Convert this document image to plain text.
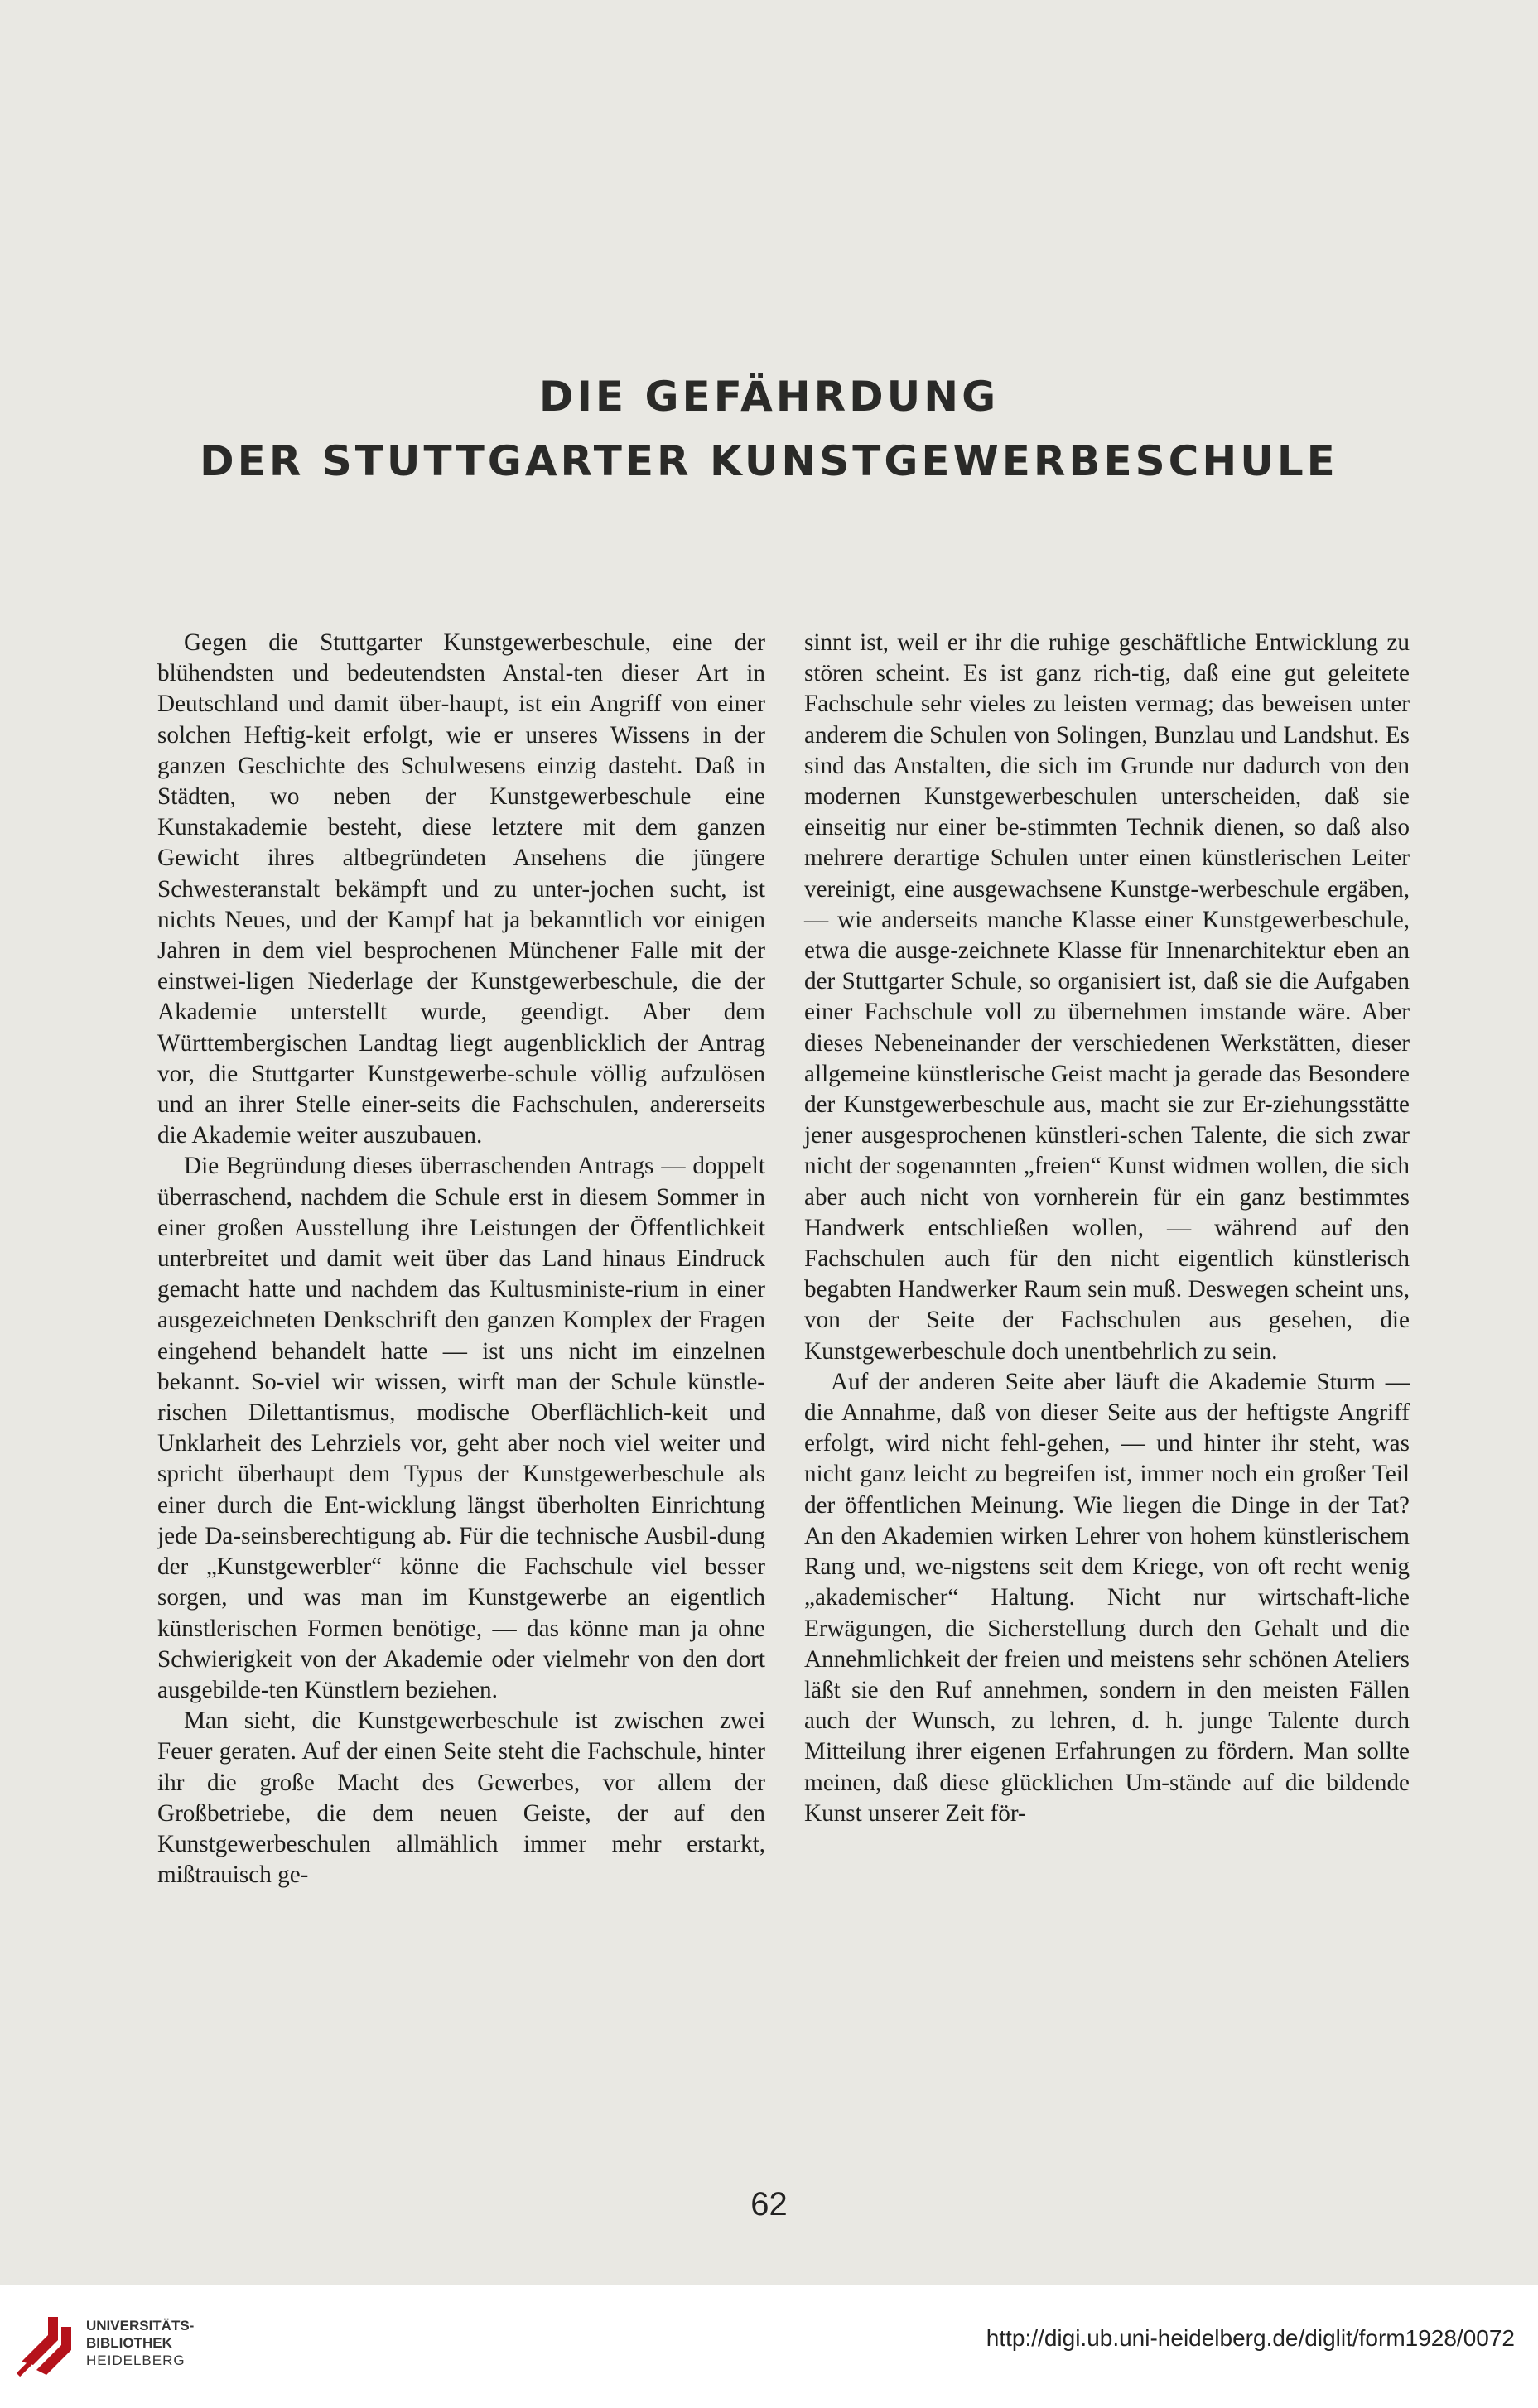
DIE GEFÄHRDUNG
DER STUTTGARTER KUNSTGEWERBESCHULE

Gegen die Stuttgarter Kunstgewerbeschule, eine der blühendsten und bedeutendsten Anstal-ten dieser Art in Deutschland und damit über-haupt, ist ein Angriff von einer solchen Heftig-keit erfolgt, wie er unseres Wissens in der ganzen Geschichte des Schulwesens einzig dasteht. Daß in Städten, wo neben der Kunstgewerbeschule eine Kunstakademie besteht, diese letztere mit dem ganzen Gewicht ihres altbegründeten Ansehens die jüngere Schwesteranstalt bekämpft und zu unter-jochen sucht, ist nichts Neues, und der Kampf hat ja bekanntlich vor einigen Jahren in dem viel besprochenen Münchener Falle mit der einstwei-ligen Niederlage der Kunstgewerbeschule, die der Akademie unterstellt wurde, geendigt. Aber dem Württembergischen Landtag liegt augenblicklich der Antrag vor, die Stuttgarter Kunstgewerbe-schule völlig aufzulösen und an ihrer Stelle einer-seits die Fachschulen, andererseits die Akademie weiter auszubauen.

Die Begründung dieses überraschenden Antrags — doppelt überraschend, nachdem die Schule erst in diesem Sommer in einer großen Ausstellung ihre Leistungen der Öffentlichkeit unterbreitet und damit weit über das Land hinaus Eindruck gemacht hatte und nachdem das Kultusministe-rium in einer ausgezeichneten Denkschrift den ganzen Komplex der Fragen eingehend behandelt hatte — ist uns nicht im einzelnen bekannt. So-viel wir wissen, wirft man der Schule künstle-rischen Dilettantismus, modische Oberflächlich-keit und Unklarheit des Lehrziels vor, geht aber noch viel weiter und spricht überhaupt dem Typus der Kunstgewerbeschule als einer durch die Ent-wicklung längst überholten Einrichtung jede Da-seinsberechtigung ab. Für die technische Ausbil-dung der „Kunstgewerbler“ könne die Fachschule viel besser sorgen, und was man im Kunstgewerbe an eigentlich künstlerischen Formen benötige, — das könne man ja ohne Schwierigkeit von der Akademie oder vielmehr von den dort ausgebilde-ten Künstlern beziehen.

Man sieht, die Kunstgewerbeschule ist zwischen zwei Feuer geraten. Auf der einen Seite steht die Fachschule, hinter ihr die große Macht des Gewerbes, vor allem der Großbetriebe, die dem neuen Geiste, der auf den Kunstgewerbeschulen allmählich immer mehr erstarkt, mißtrauisch ge-

sinnt ist, weil er ihr die ruhige geschäftliche Entwicklung zu stören scheint. Es ist ganz rich-tig, daß eine gut geleitete Fachschule sehr vieles zu leisten vermag; das beweisen unter anderem die Schulen von Solingen, Bunzlau und Landshut. Es sind das Anstalten, die sich im Grunde nur dadurch von den modernen Kunstgewerbeschulen unterscheiden, daß sie einseitig nur einer be-stimmten Technik dienen, so daß also mehrere derartige Schulen unter einen künstlerischen Leiter vereinigt, eine ausgewachsene Kunstge-werbeschule ergäben, — wie anderseits manche Klasse einer Kunstgewerbeschule, etwa die ausge-zeichnete Klasse für Innenarchitektur eben an der Stuttgarter Schule, so organisiert ist, daß sie die Aufgaben einer Fachschule voll zu übernehmen imstande wäre. Aber dieses Nebeneinander der verschiedenen Werkstätten, dieser allgemeine künstlerische Geist macht ja gerade das Besondere der Kunstgewerbeschule aus, macht sie zur Er-ziehungsstätte jener ausgesprochenen künstleri-schen Talente, die sich zwar nicht der sogenannten „freien“ Kunst widmen wollen, die sich aber auch nicht von vornherein für ein ganz bestimmtes Handwerk entschließen wollen, — während auf den Fachschulen auch für den nicht eigentlich künstlerisch begabten Handwerker Raum sein muß. Deswegen scheint uns, von der Seite der Fachschulen aus gesehen, die Kunstgewerbeschule doch unentbehrlich zu sein.

Auf der anderen Seite aber läuft die Akademie Sturm — die Annahme, daß von dieser Seite aus der heftigste Angriff erfolgt, wird nicht fehl-gehen, — und hinter ihr steht, was nicht ganz leicht zu begreifen ist, immer noch ein großer Teil der öffentlichen Meinung. Wie liegen die Dinge in der Tat? An den Akademien wirken Lehrer von hohem künstlerischem Rang und, we-nigstens seit dem Kriege, von oft recht wenig „akademischer“ Haltung. Nicht nur wirtschaft-liche Erwägungen, die Sicherstellung durch den Gehalt und die Annehmlichkeit der freien und meistens sehr schönen Ateliers läßt sie den Ruf annehmen, sondern in den meisten Fällen auch der Wunsch, zu lehren, d. h. junge Talente durch Mitteilung ihrer eigenen Erfahrungen zu fördern. Man sollte meinen, daß diese glücklichen Um-stände auf die bildende Kunst unserer Zeit för-

62
UNIVERSITÄTS-
BIBLIOTHEK
HEIDELBERG
http://digi.ub.uni-heidelberg.de/diglit/form1928/0072
